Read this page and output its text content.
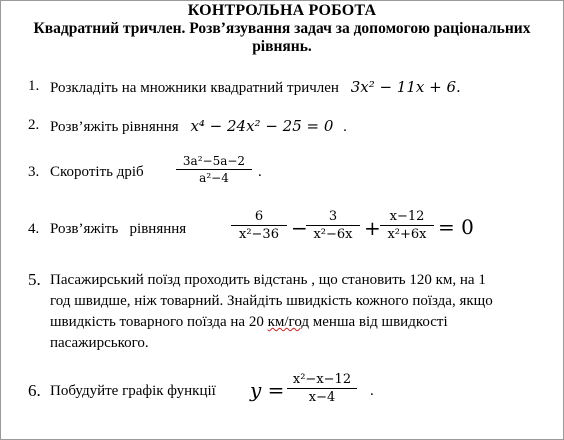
КОНТРОЛЬНА РОБОТА
Квадратний тричлен. Розв’язування задач за допомогою раціональних
рівнянь.
1. Розкладіть на множники квадратний тричлен 3x² − 11x + 6.
2. Розв’яжіть рівняння x⁴ − 24x² − 25 = 0 .
3. Скоротіть дріб
3a²−5a−2
a²−4	.
4. Розв’яжіть   рівняння
6
x²−36 −	3
x²−6x + x−12
x²+6x = 0
5. Пасажирський поїзд проходить відстань , що становить 120 км, на 1
год швидше, ніж товарний. Знайдіть швидкість кожного поїзда, якщо
швидкість товарного поїзда на 20 км/год менша від швидкості
пасажирського.
6. Побудуйте графік функції y = x²−x−12
x−4	.
